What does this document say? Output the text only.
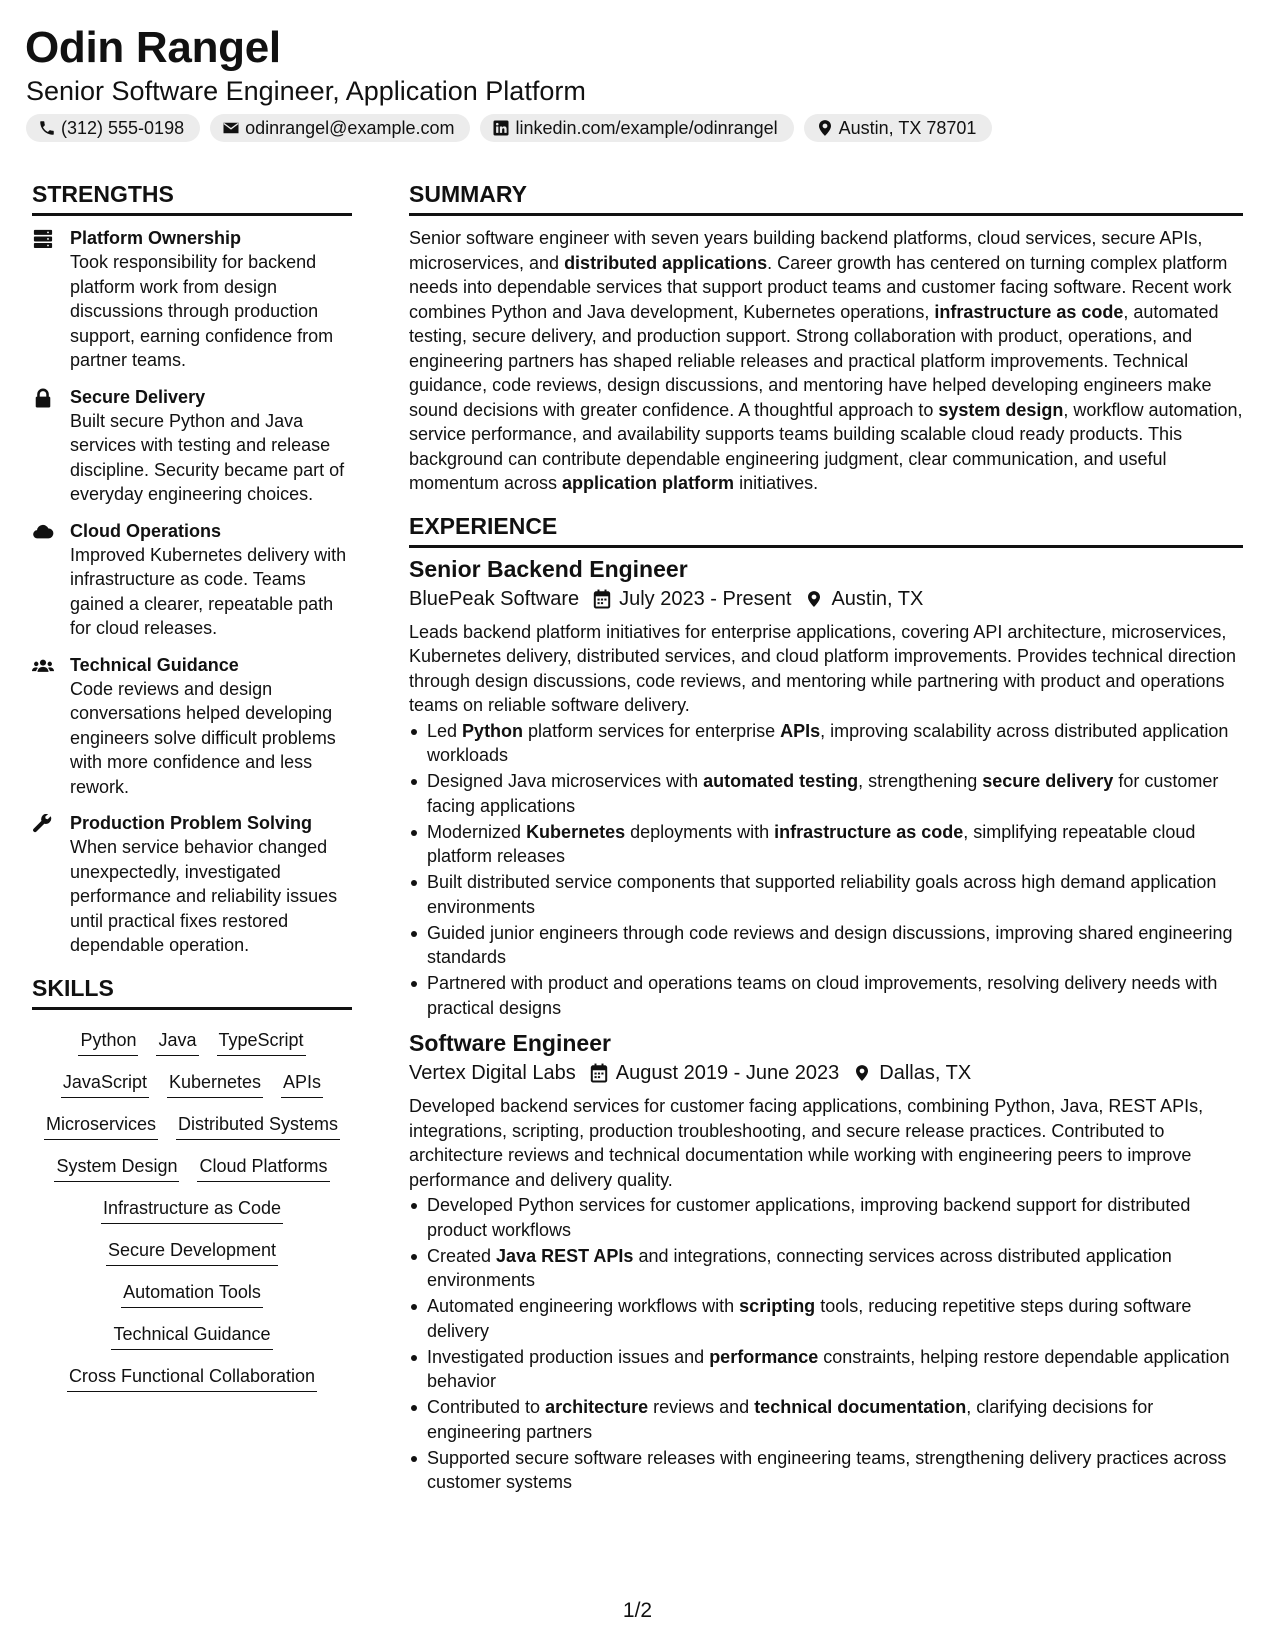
Odin Rangel
Senior Software Engineer, Application Platform
(312) 555-0198	odinrangel@example.com	linkedin.com/example/odinrangel	Austin, TX 78701
STRENGTHS
Platform Ownership
Took responsibility for backend platform work from design discussions through production support, earning confidence from partner teams.
Secure Delivery
Built secure Python and Java services with testing and release discipline. Security became part of everyday engineering choices.
Cloud Operations
Improved Kubernetes delivery with infrastructure as code. Teams gained a clearer, repeatable path for cloud releases.
Technical Guidance
Code reviews and design conversations helped developing engineers solve difficult problems with more confidence and less rework.
Production Problem Solving
When service behavior changed unexpectedly, investigated performance and reliability issues until practical fixes restored dependable operation.
SKILLS
Python Java TypeScript
JavaScript Kubernetes APIs
Microservices Distributed Systems
System Design Cloud Platforms
Infrastructure as Code
Secure Development
Automation Tools
Technical Guidance
Cross Functional Collaboration
SUMMARY
Senior software engineer with seven years building backend platforms, cloud services, secure APIs, microservices, and distributed applications. Career growth has centered on turning complex platform needs into dependable services that support product teams and customer facing software. Recent work combines Python and Java development, Kubernetes operations, infrastructure as code, automated testing, secure delivery, and production support. Strong collaboration with product, operations, and engineering partners has shaped reliable releases and practical platform improvements. Technical guidance, code reviews, design discussions, and mentoring have helped developing engineers make sound decisions with greater confidence. A thoughtful approach to system design, workflow automation, service performance, and availability supports teams building scalable cloud ready products. This background can contribute dependable engineering judgment, clear communication, and useful momentum across application platform initiatives.
EXPERIENCE
Senior Backend Engineer
BluePeak Software July 2023 - Present Austin, TX
Leads backend platform initiatives for enterprise applications, covering API architecture, microservices, Kubernetes delivery, distributed services, and cloud platform improvements. Provides technical direction through design discussions, code reviews, and mentoring while partnering with product and operations teams on reliable software delivery.
Led Python platform services for enterprise APIs, improving scalability across distributed application workloads
Designed Java microservices with automated testing, strengthening secure delivery for customer facing applications
Modernized Kubernetes deployments with infrastructure as code, simplifying repeatable cloud platform releases
Built distributed service components that supported reliability goals across high demand application environments
Guided junior engineers through code reviews and design discussions, improving shared engineering standards
Partnered with product and operations teams on cloud improvements, resolving delivery needs with practical designs
Software Engineer
Vertex Digital Labs August 2019 - June 2023 Dallas, TX
Developed backend services for customer facing applications, combining Python, Java, REST APIs, integrations, scripting, production troubleshooting, and secure release practices. Contributed to architecture reviews and technical documentation while working with engineering peers to improve performance and delivery quality.
Developed Python services for customer applications, improving backend support for distributed product workflows
Created Java REST APIs and integrations, connecting services across distributed application environments
Automated engineering workflows with scripting tools, reducing repetitive steps during software delivery
Investigated production issues and performance constraints, helping restore dependable application behavior
Contributed to architecture reviews and technical documentation, clarifying decisions for engineering partners
Supported secure software releases with engineering teams, strengthening delivery practices across customer systems
1/2
